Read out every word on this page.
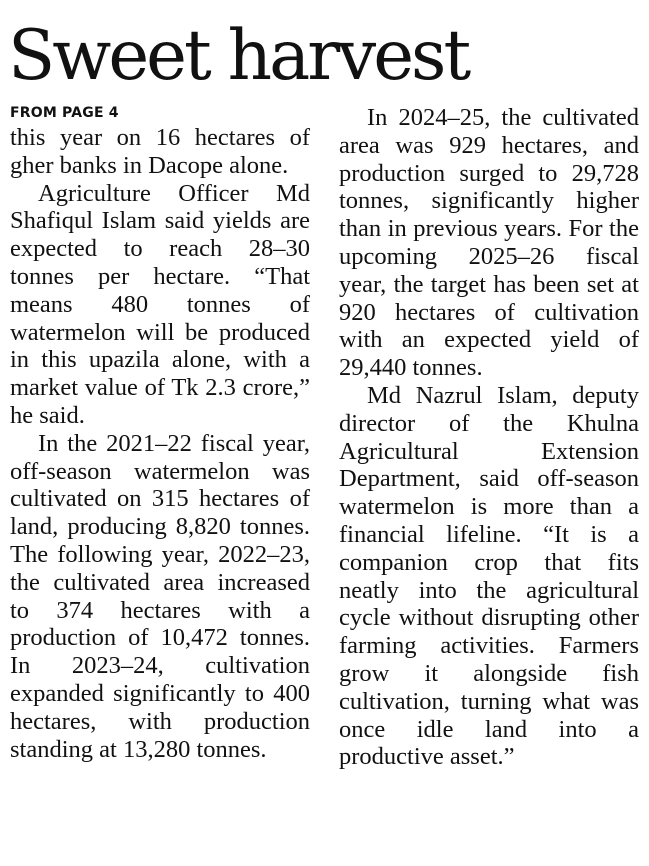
Sweet harvest
FROM PAGE 4

this year on 16 hectares of gher banks in Dacope alone.

Agriculture Officer Md Shafiqul Islam said yields are expected to reach 28–30 tonnes per hectare. “That means 480 tonnes of watermelon will be produced in this upazila alone, with a market value of Tk 2.3 crore,” he said.

In the 2021–22 fiscal year, off-season watermelon was cultivated on 315 hectares of land, producing 8,820 tonnes. The following year, 2022–23, the cultivated area increased to 374 hectares with a production of 10,472 tonnes. In 2023–24, cultivation expanded significantly to 400 hectares, with production standing at 13,280 tonnes.

In 2024–25, the cultivated area was 929 hectares, and production surged to 29,728 tonnes, significantly higher than in previous years. For the upcoming 2025–26 fiscal year, the target has been set at 920 hectares of cultivation with an expected yield of 29,440 tonnes.

Md Nazrul Islam, deputy director of the Khulna Agricultural Extension Department, said off-season watermelon is more than a financial lifeline. “It is a companion crop that fits neatly into the agricultural cycle without disrupting other farming activities. Farmers grow it alongside fish cultivation, turning what was once idle land into a productive asset.”
